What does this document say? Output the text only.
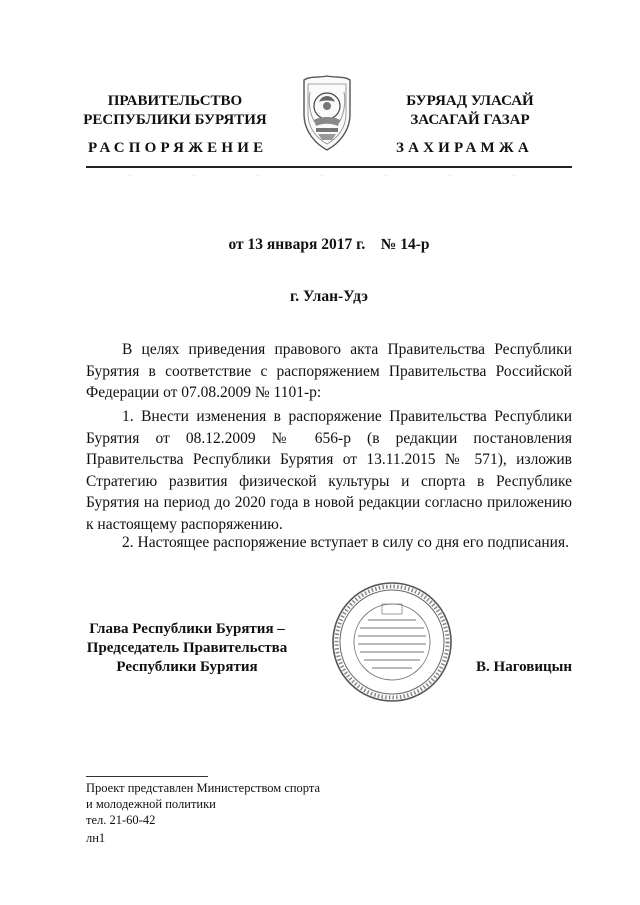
ПРАВИТЕЛЬСТВО
РЕСПУБЛИКИ БУРЯТИЯ
БУРЯАД УЛАСАЙ
ЗАСАГАЙ ГАЗАР
РАСПОРЯЖЕНИЕ	ЗАХИРАМЖА
··	··	··	··	··	··	··
от 13 января 2017 г.    № 14-р
г. Улан-Удэ
В целях приведения правового акта Правительства Республики Бурятия в соответствие с распоряжением Правительства Российской Федерации от 07.08.2009 № 1101-р:
1. Внести изменения в распоряжение Правительства Республики Бурятия от 08.12.2009 № 656-р (в редакции постановления Правительства Республики Бурятия от 13.11.2015 № 571), изложив Стратегию развития физической культуры и спорта в Республике Бурятия на период до 2020 года в новой редакции согласно приложению к настоящему распоряжению.
2. Настоящее распоряжение вступает в силу со дня его подписания.
Глава Республики Бурятия –
Председатель Правительства
Республики Бурятия	В. Наговицын
Проект представлен Министерством спорта
и молодежной политики
тел. 21-60-42
лн1
